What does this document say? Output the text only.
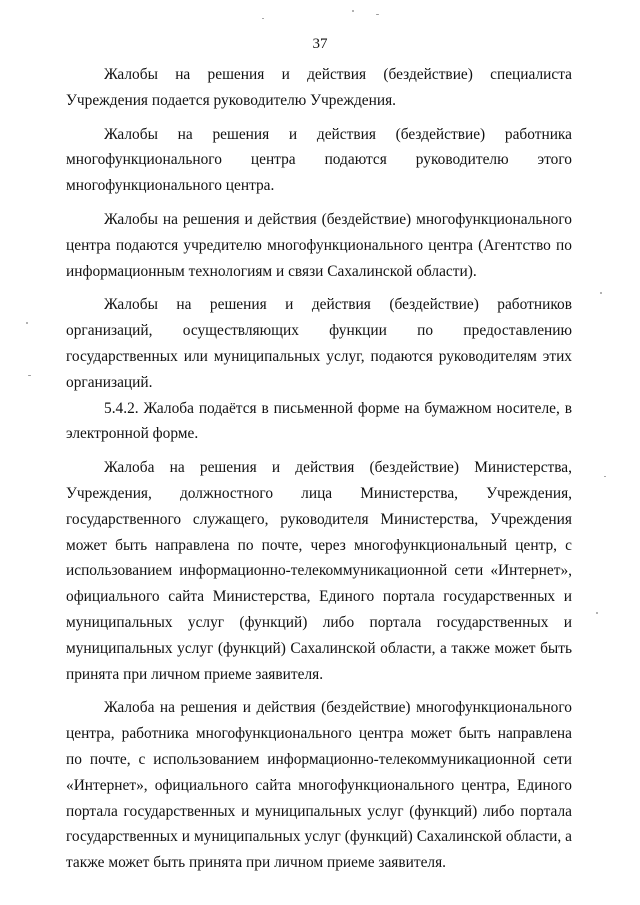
37

Жалобы на решения и действия (бездействие) специалиста Учреждения подается руководителю Учреждения.

Жалобы на решения и действия (бездействие) работника многофункционального центра подаются руководителю этого многофункционального центра.

Жалобы на решения и действия (бездействие) многофункционального центра подаются учредителю многофункционального центра (Агентство по информационным технологиям и связи Сахалинской области).

Жалобы на решения и действия (бездействие) работников организаций, осуществляющих функции по предоставлению государственных или муниципальных услуг, подаются руководителям этих организаций.

5.4.2. Жалоба подаётся в письменной форме на бумажном носителе, в электронной форме.

Жалоба на решения и действия (бездействие) Министерства, Учреждения, должностного лица Министерства, Учреждения, государственного служащего, руководителя Министерства, Учреждения может быть направлена по почте, через многофункциональный центр, с использованием информационно-телекоммуникационной сети «Интернет», официального сайта Министерства, Единого портала государственных и муниципальных услуг (функций) либо портала государственных и муниципальных услуг (функций) Сахалинской области, а также может быть принята при личном приеме заявителя.

Жалоба на решения и действия (бездействие) многофункционального центра, работника многофункционального центра может быть направлена по почте, с использованием информационно-телекоммуникационной сети «Интернет», официального сайта многофункционального центра, Единого портала государственных и муниципальных услуг (функций) либо портала государственных и муниципальных услуг (функций) Сахалинской области, а также может быть принята при личном приеме заявителя.
